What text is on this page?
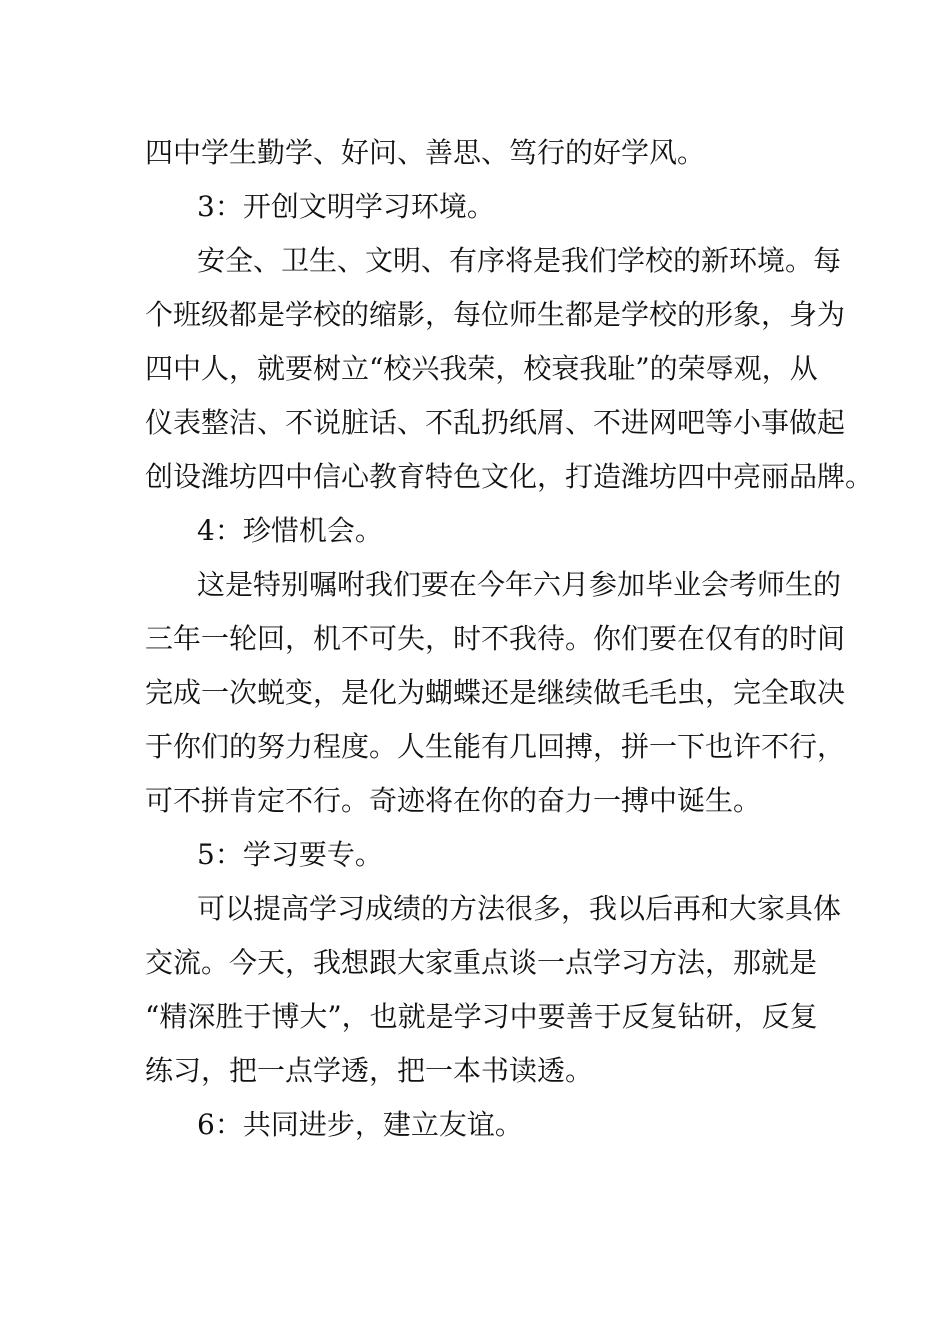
四中学生勤学、好问、善思、笃行的好学风。

3：开创文明学习环境。

安全、卫生、文明、有序将是我们学校的新环境。每

个班级都是学校的缩影，每位师生都是学校的形象，身为

四中人，就要树立“校兴我荣，校衰我耻”的荣辱观，从

仪表整洁、不说脏话、不乱扔纸屑、不进网吧等小事做起

创设潍坊四中信心教育特色文化，打造潍坊四中亮丽品牌。

4：珍惜机会。

这是特别嘱咐我们要在今年六月参加毕业会考师生的

三年一轮回，机不可失，时不我待。你们要在仅有的时间

完成一次蜕变，是化为蝴蝶还是继续做毛毛虫，完全取决

于你们的努力程度。人生能有几回搏，拼一下也许不行，

可不拼肯定不行。奇迹将在你的奋力一搏中诞生。

5：学习要专。

可以提高学习成绩的方法很多，我以后再和大家具体

交流。今天，我想跟大家重点谈一点学习方法，那就是

“精深胜于博大”，也就是学习中要善于反复钻研，反复

练习，把一点学透，把一本书读透。

6：共同进步，建立友谊。
